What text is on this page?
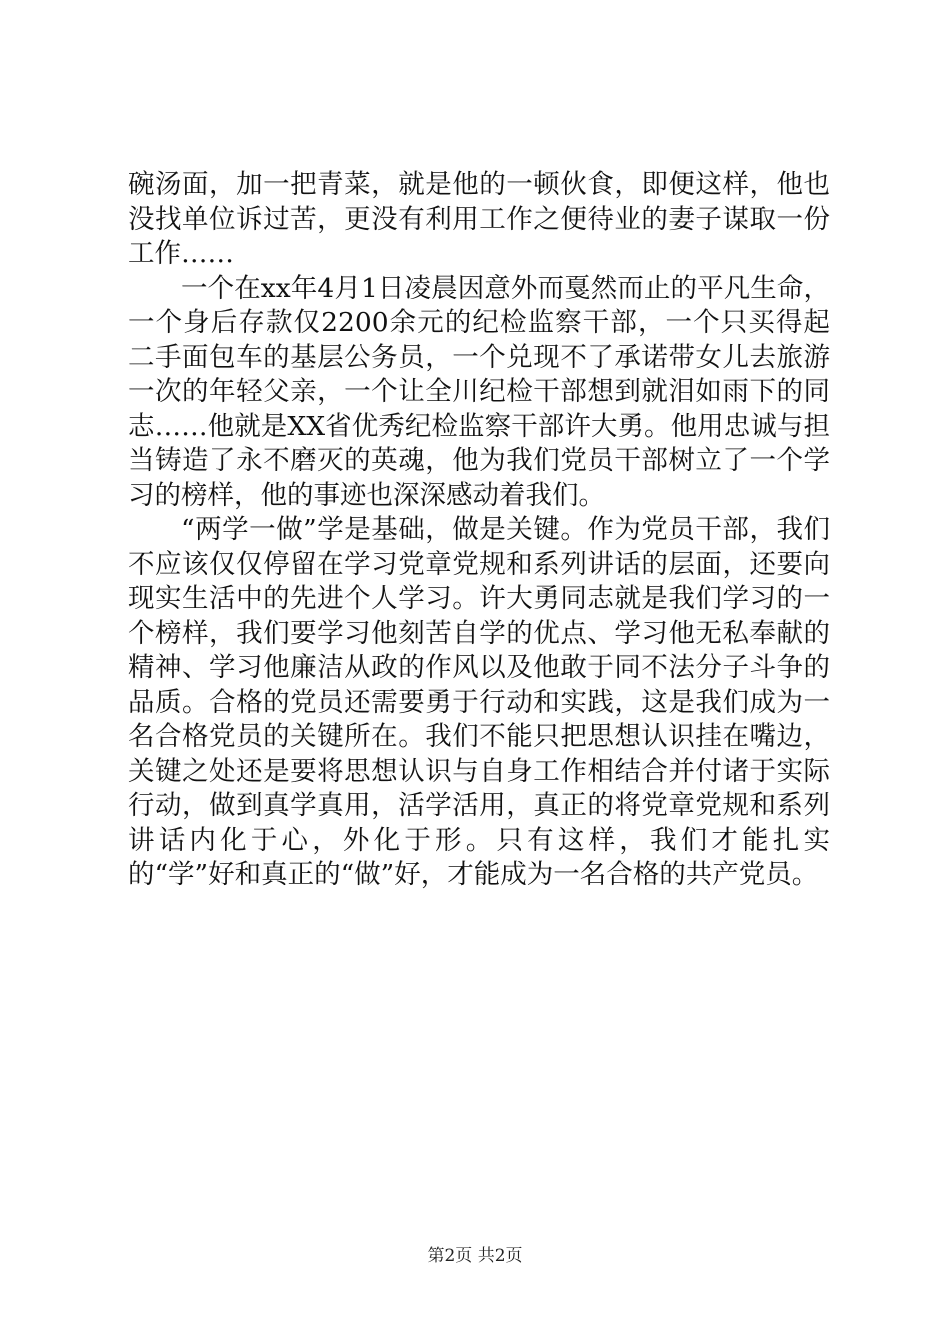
碗汤面，加一把青菜，就是他的一顿伙食，即便这样，他也没找单位诉过苦，更没有利用工作之便待业的妻子谋取一份工作……

一个在xx年4月1日凌晨因意外而戛然而止的平凡生命，一个身后存款仅2200余元的纪检监察干部，一个只买得起二手面包车的基层公务员，一个兑现不了承诺带女儿去旅游一次的年轻父亲，一个让全川纪检干部想到就泪如雨下的同志……他就是XX省优秀纪检监察干部许大勇。他用忠诚与担当铸造了永不磨灭的英魂，他为我们党员干部树立了一个学习的榜样，他的事迹也深深感动着我们。

“两学一做”学是基础，做是关键。作为党员干部，我们不应该仅仅停留在学习党章党规和系列讲话的层面，还要向现实生活中的先进个人学习。许大勇同志就是我们学习的一个榜样，我们要学习他刻苦自学的优点、学习他无私奉献的精神、学习他廉洁从政的作风以及他敢于同不法分子斗争的品质。合格的党员还需要勇于行动和实践，这是我们成为一名合格党员的关键所在。我们不能只把思想认识挂在嘴边，关键之处还是要将思想认识与自身工作相结合并付诸于实际行动，做到真学真用，活学活用，真正的将党章党规和系列讲话内化于心，外化于形。只有这样，我们才能扎实的“学”好和真正的“做”好，才能成为一名合格的共产党员。

第2页 共2页
